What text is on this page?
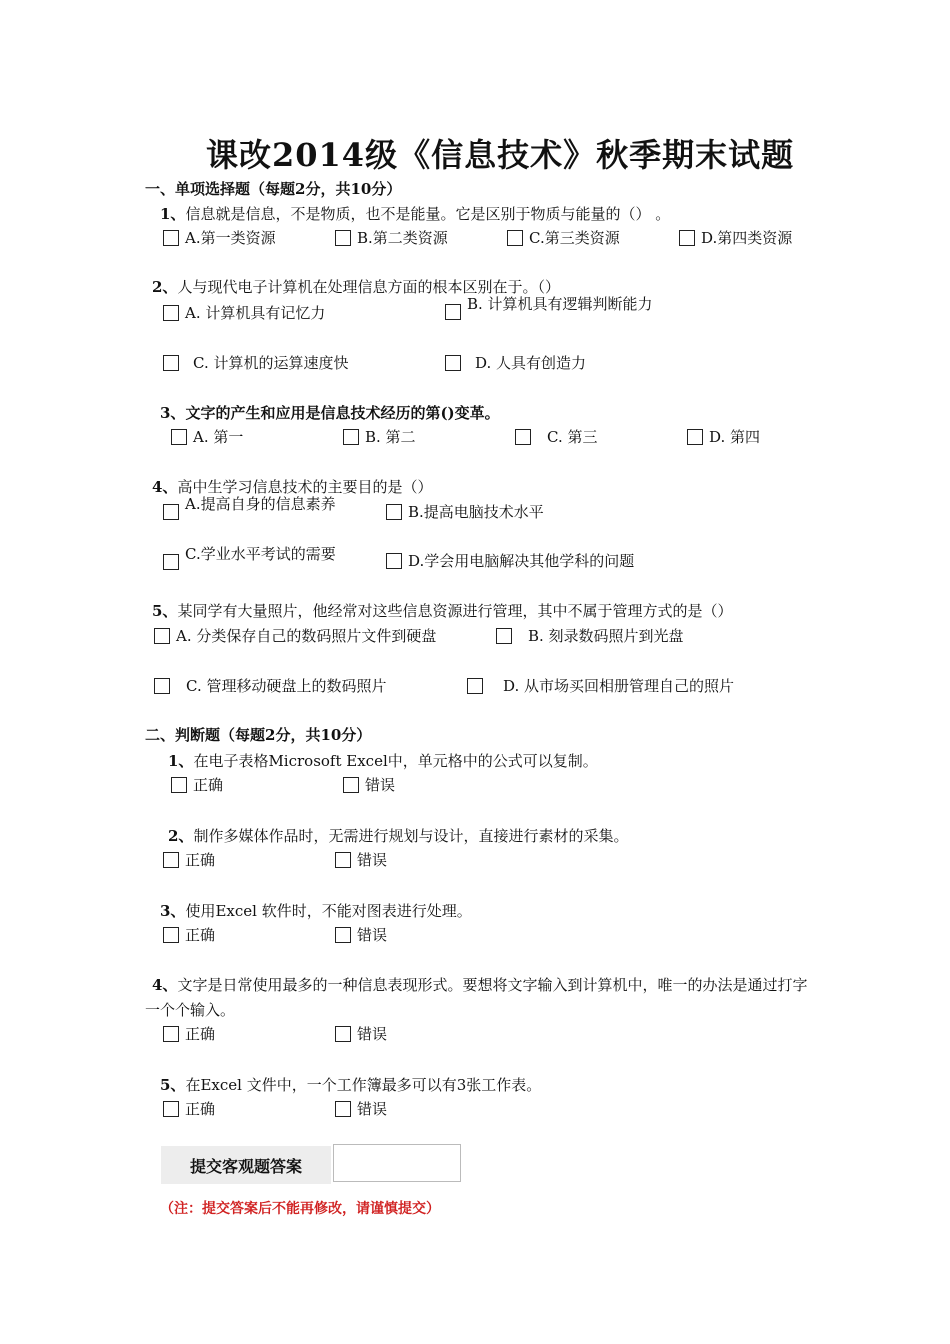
课改2014级《信息技术》秋季期末试题
一、单项选择题（每题2分，共10分）
1、信息就是信息，不是物质，也不是能量。它是区别于物质与能量的（） 。
A.第一类资源	B.第二类资源	C.第三类资源	D.第四类资源
2、人与现代电子计算机在处理信息方面的根本区别在于。（）
A. 计算机具有记忆力	B. 计算机具有逻辑判断能力
C. 计算机的运算速度快	D. 人具有创造力
3、文字的产生和应用是信息技术经历的第()变革。
A. 第一	B. 第二	C. 第三	D. 第四
4、高中生学习信息技术的主要目的是（）
A.提高自身的信息素养	B.提高电脑技术水平
C.学业水平考试的需要	D.学会用电脑解决其他学科的问题
5、某同学有大量照片，他经常对这些信息资源进行管理，其中不属于管理方式的是（）
A. 分类保存自己的数码照片文件到硬盘	B. 刻录数码照片到光盘
C. 管理移动硬盘上的数码照片	D. 从市场买回相册管理自己的照片
二、判断题（每题2分，共10分）
1、在电子表格Microsoft Excel中，单元格中的公式可以复制。
正确	错误
2、制作多媒体作品时，无需进行规划与设计，直接进行素材的采集。
正确	错误
3、使用Excel 软件时，不能对图表进行处理。
正确	错误
4、文字是日常使用最多的一种信息表现形式。要想将文字输入到计算机中，唯一的办法是通过打字
一个个输入。
正确	错误
5、在Excel 文件中，一个工作簿最多可以有3张工作表。
正确	错误
提交客观题答案
（注：提交答案后不能再修改，请谨慎提交）
